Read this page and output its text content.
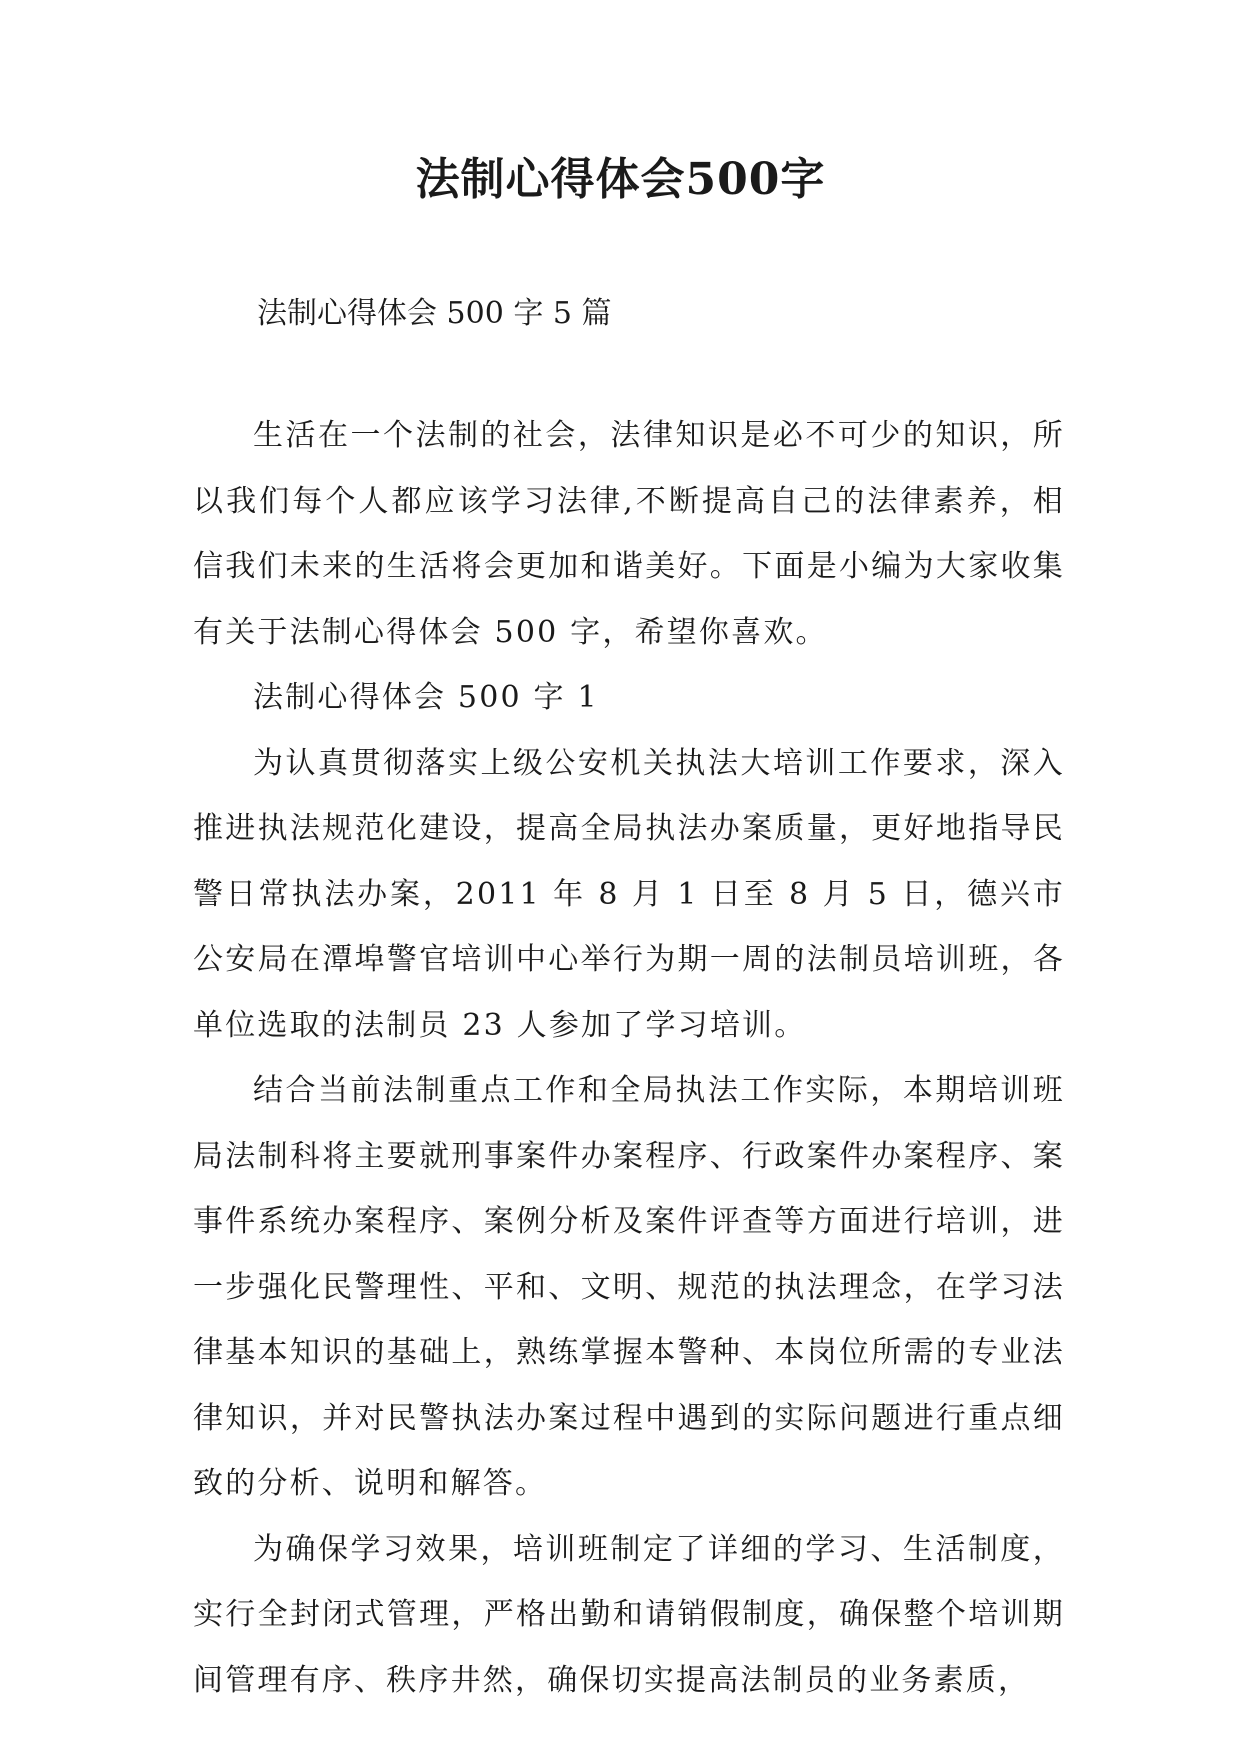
法制心得体会500字

法制心得体会 500 字 5 篇

生活在一个法制的社会，法律知识是必不可少的知识，所以我们每个人都应该学习法律,不断提高自己的法律素养，相信我们未来的生活将会更加和谐美好。下面是小编为大家收集有关于法制心得体会 500 字，希望你喜欢。

法制心得体会 500 字 1

为认真贯彻落实上级公安机关执法大培训工作要求，深入推进执法规范化建设，提高全局执法办案质量，更好地指导民警日常执法办案，2011 年 8 月 1 日至 8 月 5 日，德兴市公安局在潭埠警官培训中心举行为期一周的法制员培训班，各单位选取的法制员 23 人参加了学习培训。

结合当前法制重点工作和全局执法工作实际，本期培训班局法制科将主要就刑事案件办案程序、行政案件办案程序、案事件系统办案程序、案例分析及案件评查等方面进行培训，进一步强化民警理性、平和、文明、规范的执法理念，在学习法律基本知识的基础上，熟练掌握本警种、本岗位所需的专业法律知识，并对民警执法办案过程中遇到的实际问题进行重点细致的分析、说明和解答。

为确保学习效果，培训班制定了详细的学习、生活制度，实行全封闭式管理，严格出勤和请销假制度，确保整个培训期间管理有序、秩序井然，确保切实提高法制员的业务素质，
